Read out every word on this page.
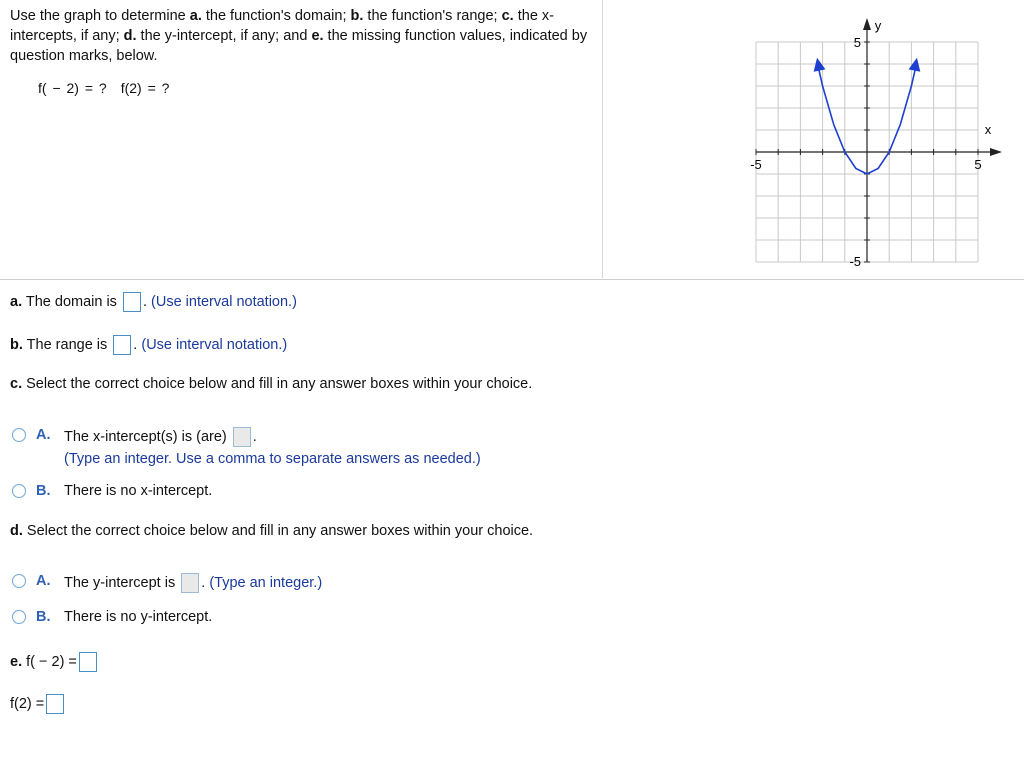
Use the graph to determine a. the function's domain; b. the function's range; c. the x-intercepts, if any; d. the y-intercept, if any; and e. the missing function values, indicated by question marks, below.
f( − 2) = ? f(2) = ?
x
y
-5	5
-5
5
a. The domain is . (Use interval notation.)
b. The range is . (Use interval notation.)
c. Select the correct choice below and fill in any answer boxes within your choice.
A. The x-intercept(s) is (are) .
(Type an integer. Use a comma to separate answers as needed.)
B. There is no x-intercept.
d. Select the correct choice below and fill in any answer boxes within your choice.
A. The y-intercept is . (Type an integer.)
B. There is no y-intercept.
e. f( − 2) =
f(2) =
